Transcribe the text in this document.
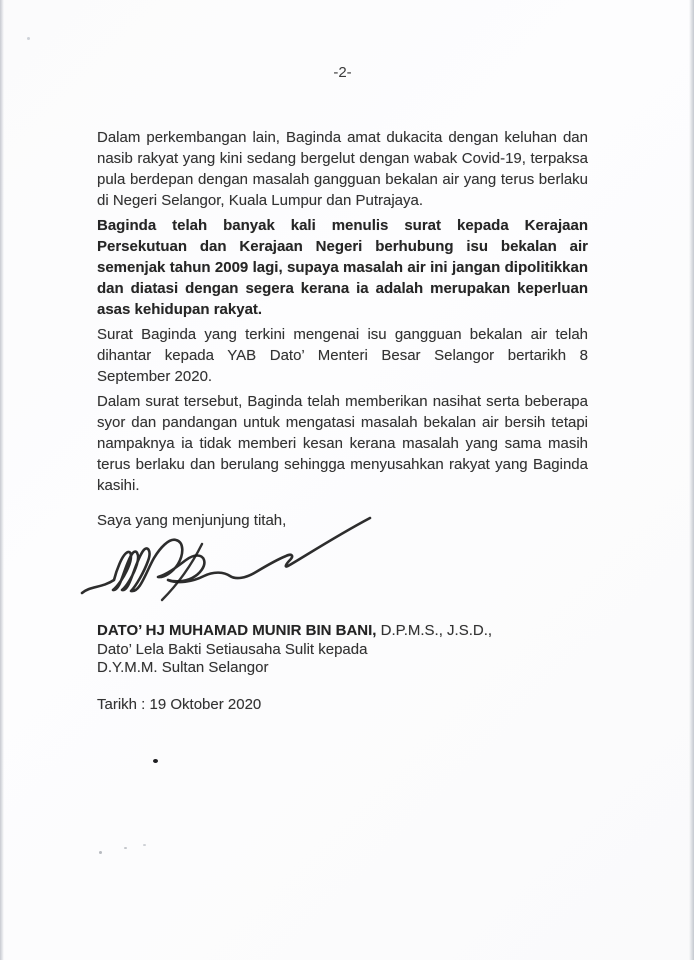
-2-

Dalam perkembangan lain, Baginda amat dukacita dengan keluhan dan nasib rakyat yang kini sedang bergelut dengan wabak Covid-19, terpaksa pula berdepan dengan masalah gangguan bekalan air yang terus berlaku di Negeri Selangor, Kuala Lumpur dan Putrajaya.

Baginda telah banyak kali menulis surat kepada Kerajaan Persekutuan dan Kerajaan Negeri berhubung isu bekalan air semenjak tahun 2009 lagi, supaya masalah air ini jangan dipolitikkan dan diatasi dengan segera kerana ia adalah merupakan keperluan asas kehidupan rakyat.

Surat Baginda yang terkini mengenai isu gangguan bekalan air telah dihantar kepada YAB Dato’ Menteri Besar Selangor bertarikh 8 September 2020.

Dalam surat tersebut, Baginda telah memberikan nasihat serta beberapa syor dan pandangan untuk mengatasi masalah bekalan air bersih tetapi nampaknya ia tidak memberi kesan kerana masalah yang sama masih terus berlaku dan berulang sehingga menyusahkan rakyat yang Baginda kasihi.

Saya yang menjunjung titah,

DATO’ HJ MUHAMAD MUNIR BIN BANI, D.P.M.S., J.S.D.,
Dato’ Lela Bakti Setiausaha Sulit kepada
D.Y.M.M. Sultan Selangor
Tarikh : 19 Oktober 2020
